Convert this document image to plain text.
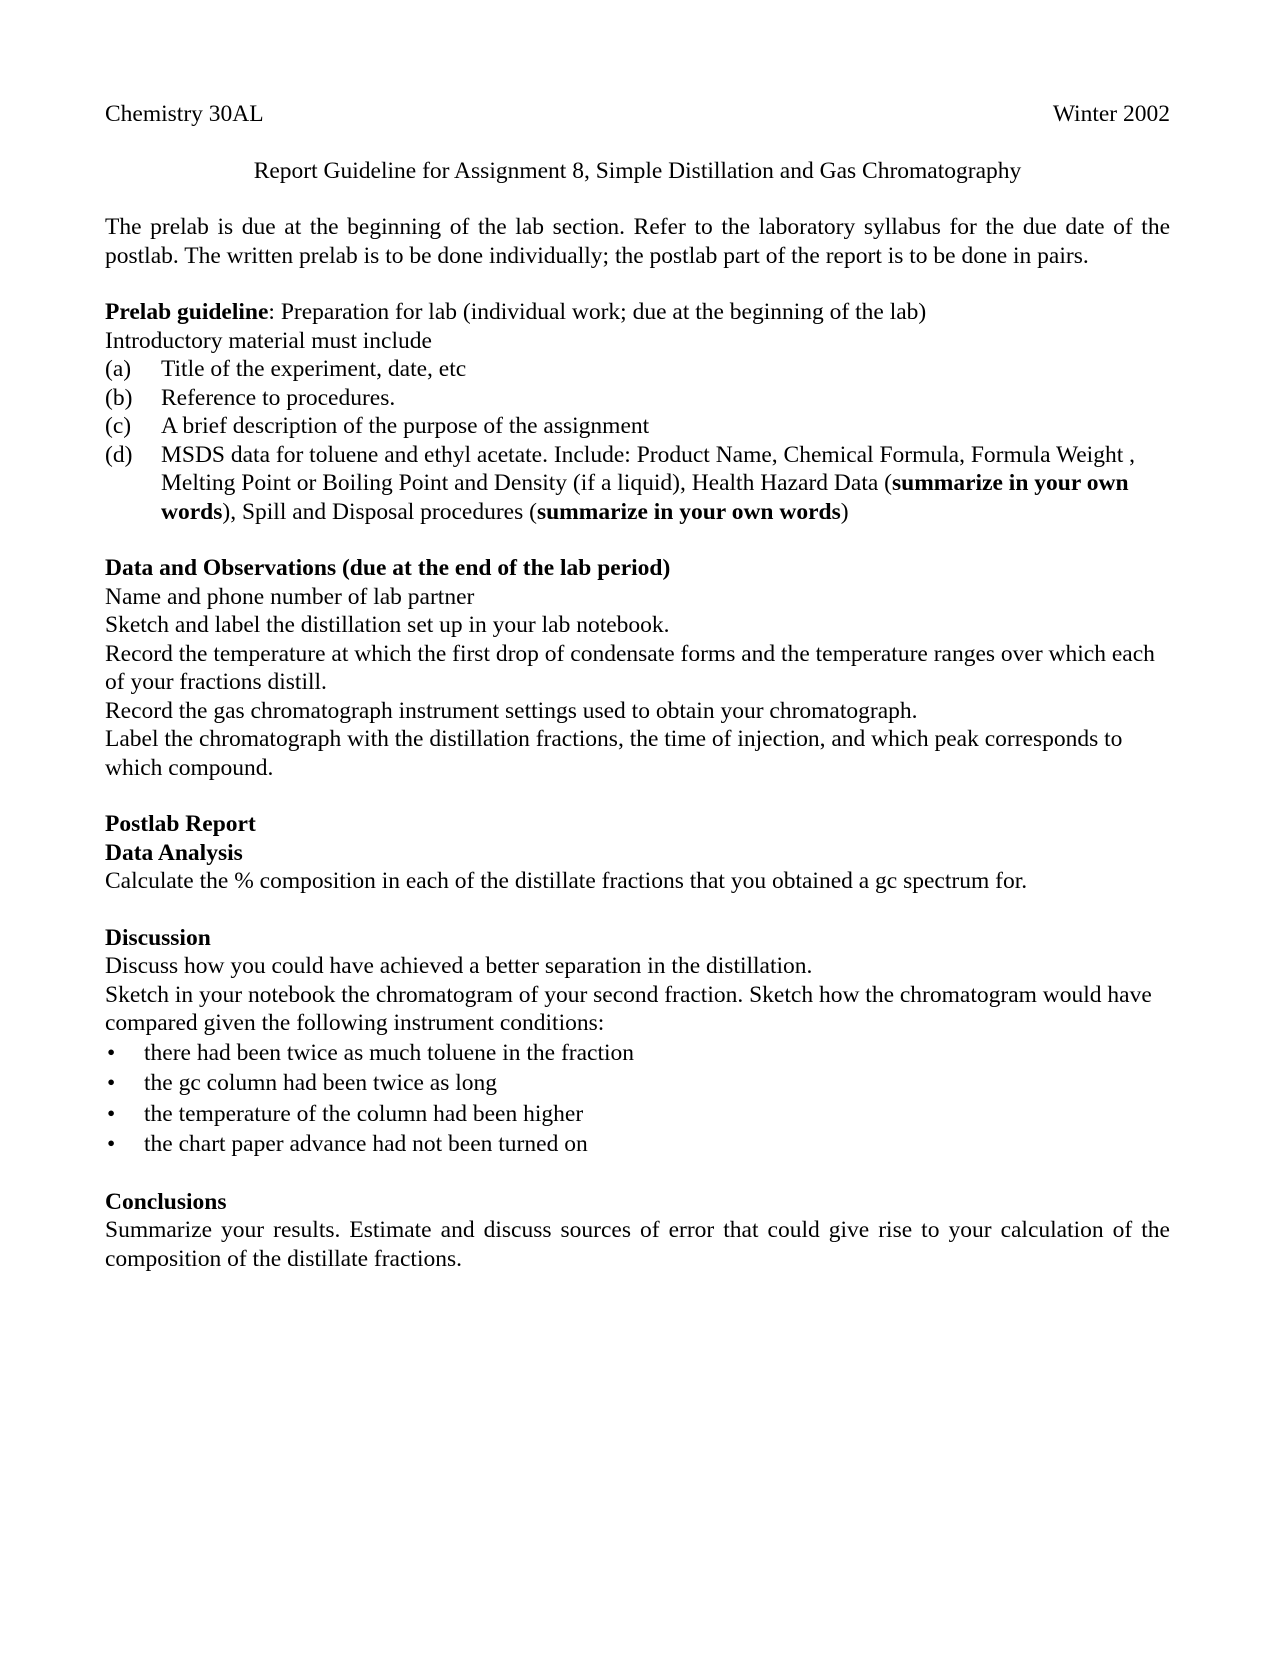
Chemistry 30AL	Winter 2002

Report Guideline for Assignment 8, Simple Distillation and Gas Chromatography

The prelab is due at the beginning of the lab section. Refer to the laboratory syllabus for the due date of the postlab. The written prelab is to be done individually; the postlab part of the report is to be done in pairs.

Prelab guideline: Preparation for lab (individual work; due at the beginning of the lab)

Introductory material must include

(a)	Title of the experiment, date, etc
(b)	Reference to procedures.
(c)	A brief description of the purpose of the assignment
(d)	MSDS data for toluene and ethyl acetate. Include: Product Name, Chemical Formula, Formula Weight , Melting Point or Boiling Point and Density (if a liquid), Health Hazard Data (summarize in your own words), Spill and Disposal procedures (summarize in your own words)

Data and Observations (due at the end of the lab period)

Name and phone number of lab partner

Sketch and label the distillation set up in your lab notebook.

Record the temperature at which the first drop of condensate forms and the temperature ranges over which each of your fractions distill.

Record the gas chromatograph instrument settings used to obtain your chromatograph.

Label the chromatograph with the distillation fractions, the time of injection, and which peak corresponds to which compound.

Postlab Report

Data Analysis

Calculate the % composition in each of the distillate fractions that you obtained a gc spectrum for.

Discussion

Discuss how you could have achieved a better separation in the distillation.

Sketch in your notebook the chromatogram of your second fraction. Sketch how the chromatogram would have compared given the following instrument conditions:

•	there had been twice as much toluene in the fraction
•	the gc column had been twice as long
•	the temperature of the column had been higher
•	the chart paper advance had not been turned on

Conclusions

Summarize your results. Estimate and discuss sources of error that could give rise to your calculation of the composition of the distillate fractions.
